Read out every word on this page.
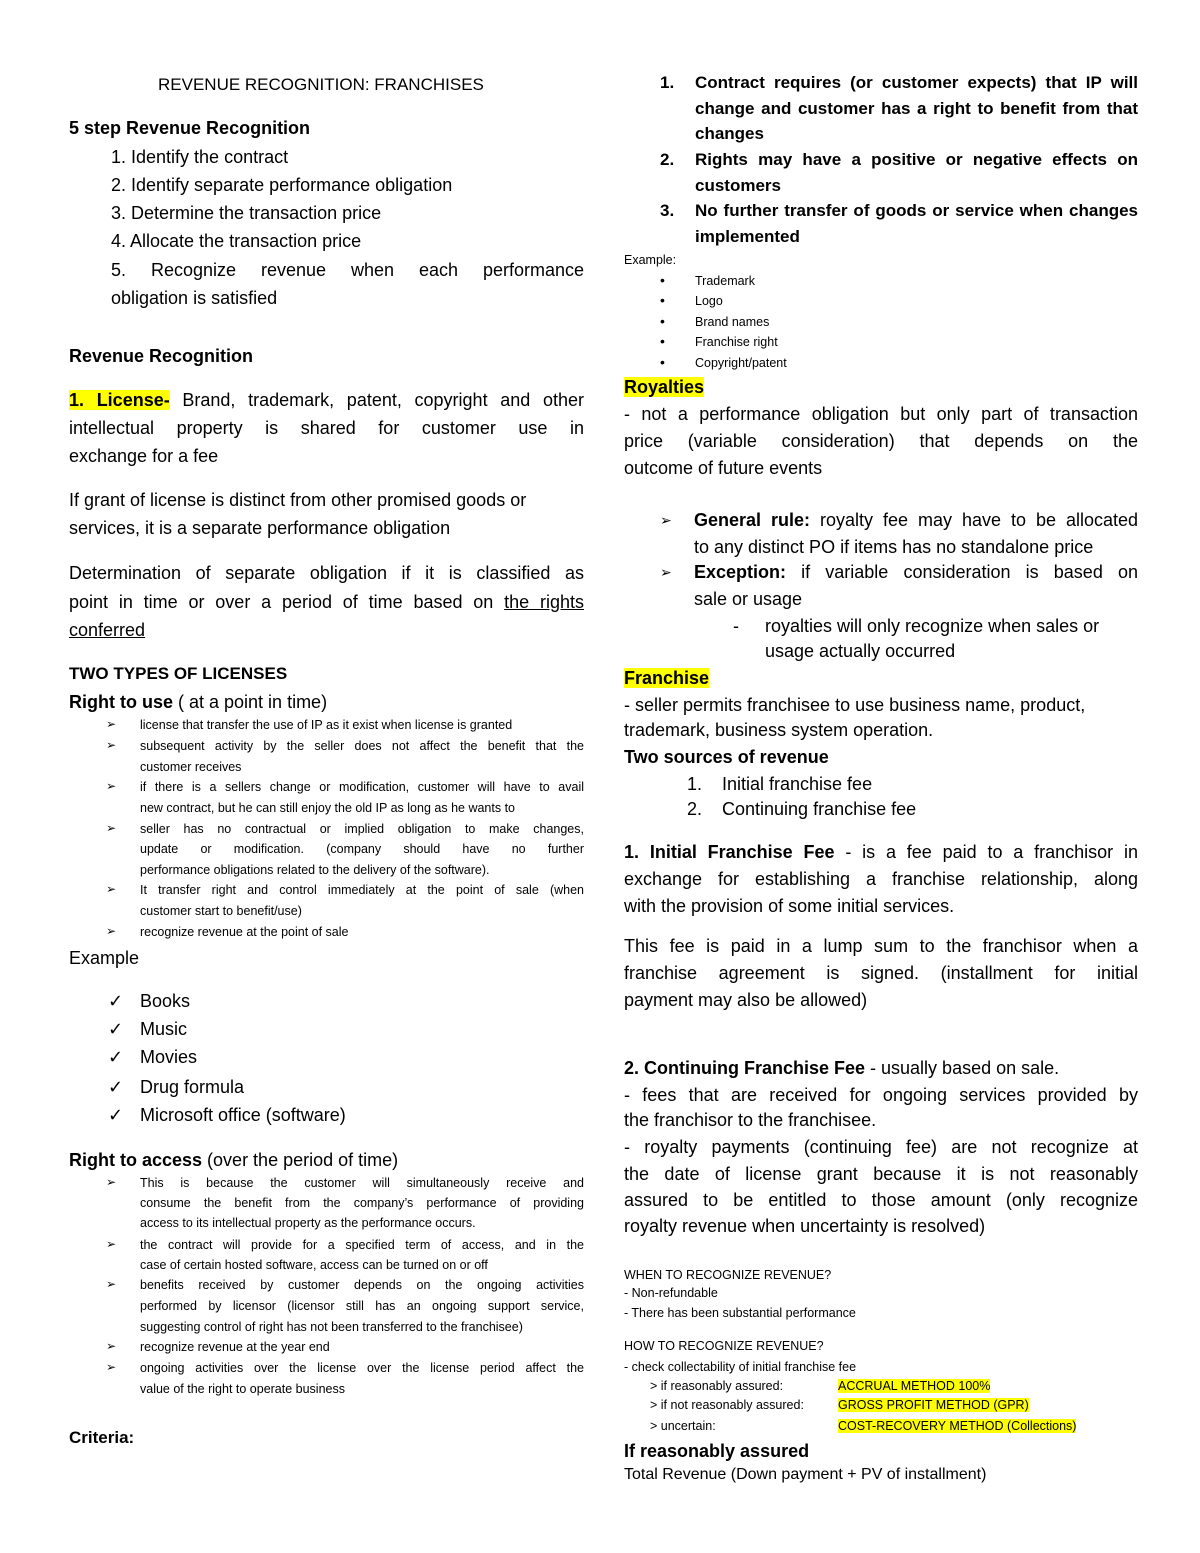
REVENUE RECOGNITION: FRANCHISES
5 step Revenue Recognition
1. Identify the contract
2. Identify separate performance obligation
3. Determine the transaction price
4. Allocate the transaction price
5. Recognize revenue when each performance
obligation is satisfied
Revenue Recognition
1. License- Brand, trademark, patent, copyright and other
intellectual property is shared for customer use in
exchange for a fee
If grant of license is distinct from other promised goods or
services, it is a separate performance obligation
Determination of separate obligation if it is classified as
point in time or over a period of time based on the rights
conferred
TWO TYPES OF LICENSES
Right to use ( at a point in time)
➢ license that transfer the use of IP as it exist when license is granted
➢ subsequent activity by the seller does not affect the benefit that the
customer receives
➢ if there is a sellers change or modification, customer will have to avail
new contract, but he can still enjoy the old IP as long as he wants to
➢ seller has no contractual or implied obligation to make changes,
update or modification. (company should have no further
performance obligations related to the delivery of the software).
➢ It transfer right and control immediately at the point of sale (when
customer start to benefit/use)
➢ recognize revenue at the point of sale
Example
✓ Books
✓ Music
✓ Movies
✓ Drug formula
✓ Microsoft office (software)
Right to access (over the period of time)
➢ This is because the customer will simultaneously receive and
consume the benefit from the company’s performance of providing
access to its intellectual property as the performance occurs.
➢ the contract will provide for a specified term of access, and in the
case of certain hosted software, access can be turned on or off
➢ benefits received by customer depends on the ongoing activities
performed by licensor (licensor still has an ongoing support service,
suggesting control of right has not been transferred to the franchisee)
➢ recognize revenue at the year end
➢ ongoing activities over the license over the license period affect the
value of the right to operate business
Criteria:
1. Contract requires (or customer expects) that IP will
change and customer has a right to benefit from that
changes
2. Rights may have a positive or negative effects on
customers
3. No further transfer of goods or service when changes
implemented
Example:
• Trademark
• Logo
• Brand names
• Franchise right
• Copyright/patent
Royalties
- not a performance obligation but only part of transaction
price (variable consideration) that depends on the
outcome of future events
➢ General rule: royalty fee may have to be allocated
to any distinct PO if items has no standalone price
➢ Exception: if variable consideration is based on
sale or usage
- royalties will only recognize when sales or
usage actually occurred
Franchise
- seller permits franchisee to use business name, product,
trademark, business system operation.
Two sources of revenue
1. Initial franchise fee
2. Continuing franchise fee
1. Initial Franchise Fee - is a fee paid to a franchisor in
exchange for establishing a franchise relationship, along
with the provision of some initial services.
This fee is paid in a lump sum to the franchisor when a
franchise agreement is signed. (installment for initial
payment may also be allowed)
2. Continuing Franchise Fee - usually based on sale.
- fees that are received for ongoing services provided by
the franchisor to the franchisee.
- royalty payments (continuing fee) are not recognize at
the date of license grant because it is not reasonably
assured to be entitled to those amount (only recognize
royalty revenue when uncertainty is resolved)
WHEN TO RECOGNIZE REVENUE?
- Non-refundable
- There has been substantial performance
HOW TO RECOGNIZE REVENUE?
- check collectability of initial franchise fee
> if reasonably assured:	ACCRUAL METHOD 100%
> if not reasonably assured:	GROSS PROFIT METHOD (GPR)
> uncertain:	COST-RECOVERY METHOD (Collections)
If reasonably assured
Total Revenue (Down payment + PV of installment)
